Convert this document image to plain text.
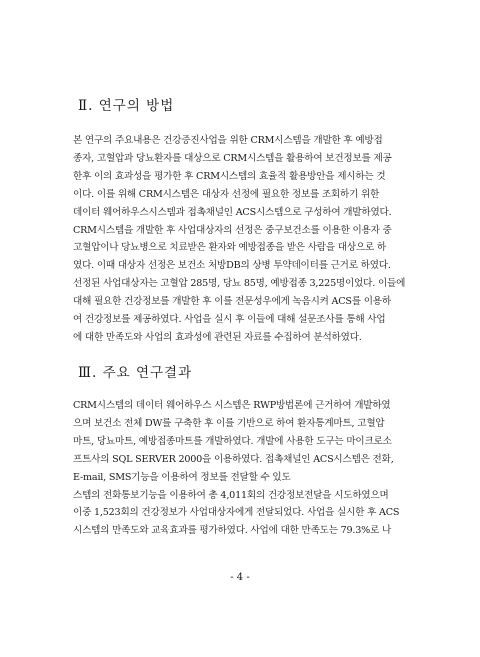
Ⅱ. 연구의 방법
본 연구의 주요내용은 건강증진사업을 위한 CRM시스템을 개발한 후 예방접
종자, 고혈압과 당뇨환자를 대상으로 CRM시스템을 활용하여 보건정보를 제공
한후 이의 효과성을 평가한 후 CRM시스템의 효율적 활용방안을 제시하는 것
이다. 이를 위해 CRM시스템은 대상자 선정에 필요한 정보를 조회하기 위한
데이터 웨어하우스시스템과 접촉채널인 ACS시스템으로 구성하여 개발하였다.
CRM시스템을 개발한 후 사업대상자의 선정은 중구보건소를 이용한 이용자 중
고혈압이나 당뇨병으로 치료받은 환자와 예방접종을 받은 사람을 대상으로 하
였다. 이때 대상자 선정은 보건소 처방DB의 상병 투약데이터를 근거로 하였다.
선정된 사업대상자는 고혈압 285명, 당뇨 85명, 예방접종 3,225명이었다. 이들에
대해 필요한 건강정보를 개발한 후 이를 전문성우에게 녹음시켜 ACS를 이용하
여 건강정보를 제공하였다. 사업을 실시 후 이들에 대해 설문조사를 통해 사업
에 대한 만족도와 사업의 효과성에 관련된 자료를 수집하여 분석하였다.
Ⅲ. 주요 연구결과
CRM시스템의 데이터 웨어하우스 시스템은 RWP방법론에 근거하여 개발하였
으며 보건소 전체 DW를 구축한 후 이를 기반으로 하여 환자통계마트, 고혈압
마트, 당뇨마트, 예방접종마트를 개발하였다. 개발에 사용한 도구는 마이크로소
프트사의 SQL SERVER 2000을 이용하였다. 접촉채널인 ACS시스템은 전화,
E-mail, SMS기능을 이용하여 정보를 전달할 수 있도
스템의 전화통보기능을 이용하여 총 4,011회의 건강정보전달을 시도하였으며
이중 1,523회의 건강정보가 사업대상자에게 전달되었다. 사업을 실시한 후 ACS
시스템의 만족도와 교육효과를 평가하였다. 사업에 대한 만족도는 79.3%로 나
- 4 -
